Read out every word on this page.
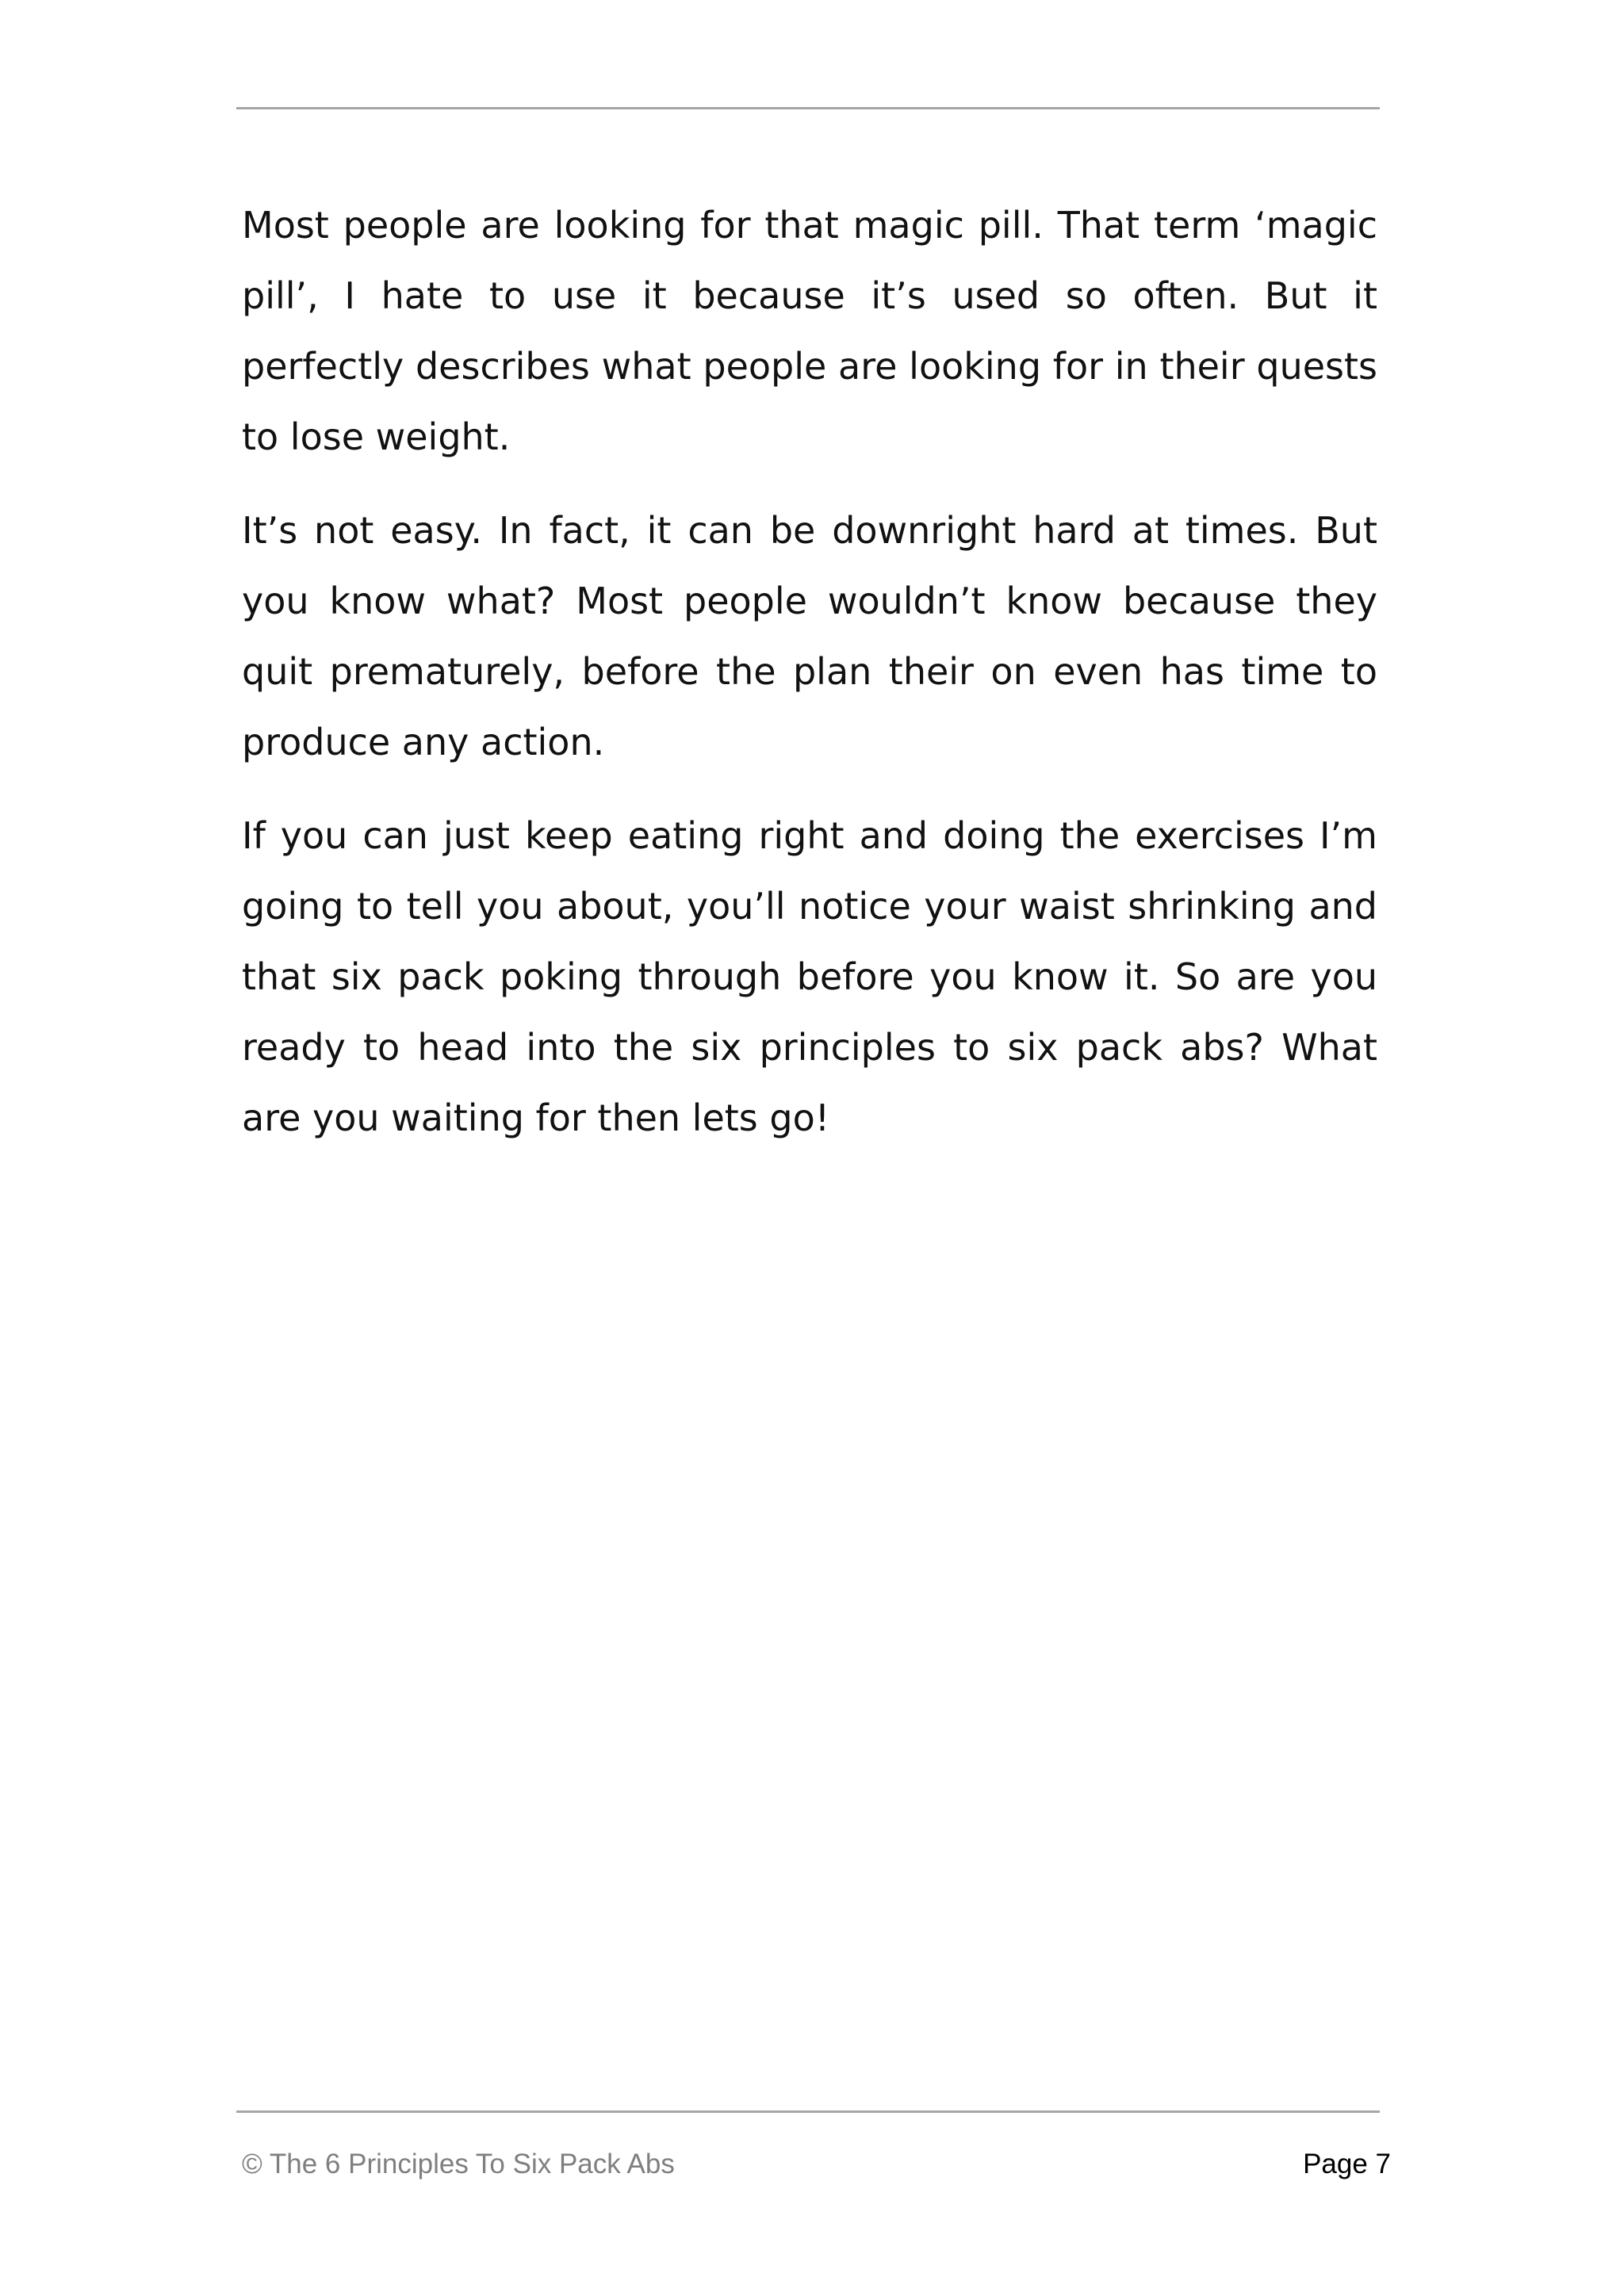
Most people are looking for that magic pill. That term ‘magic pill’, I hate to use it because it’s used so often. But it perfectly describes what people are looking for in their quests to lose weight.

It’s not easy. In fact, it can be downright hard at times. But you know what? Most people wouldn’t know because they quit prematurely, before the plan their on even has time to produce any action.

If you can just keep eating right and doing the exercises I’m going to tell you about, you’ll notice your waist shrinking and that six pack poking through before you know it. So are you ready to head into the six principles to six pack abs? What are you waiting for then lets go!

© The 6 Principles To Six Pack Abs	Page 7
